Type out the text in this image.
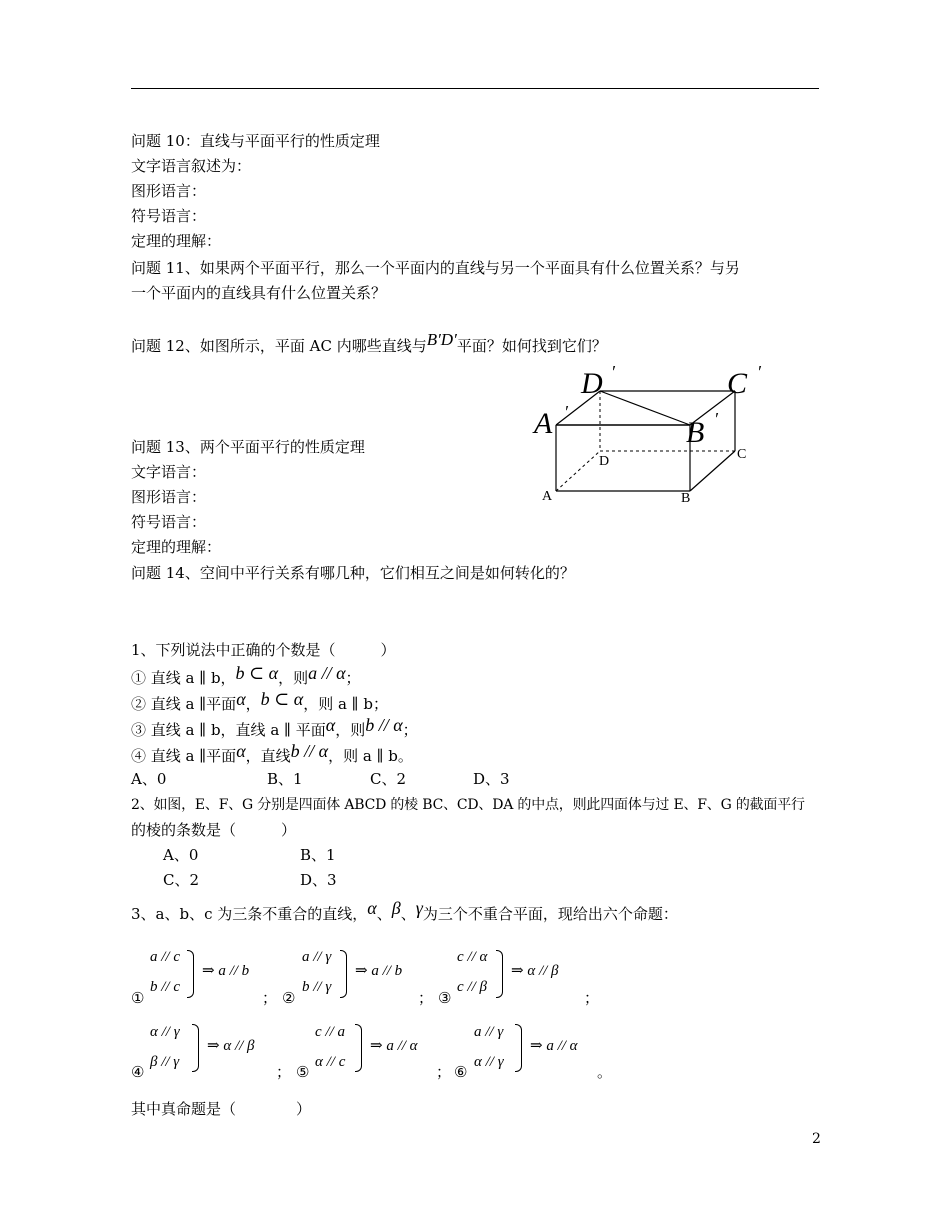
问题 10：直线与平面平行的性质定理
文字语言叙述为：
图形语言：
符号语言：
定理的理解：
问题 11、如果两个平面平行，那么一个平面内的直线与另一个平面具有什么位置关系？与另
一个平面内的直线具有什么位置关系？
问题 12、如图所示，平面 AC 内哪些直线与B′D′平面？如何找到它们？
D ′	C ′
A ′
B ′
D	C
A	B
问题 13、两个平面平行的性质定理
文字语言：
图形语言：
符号语言：
定理的理解：
问题 14、空间中平行关系有哪几种，它们相互之间是如何转化的？
1、下列说法中正确的个数是（　　　）
① 直线 a ∥ b，b ⊂ α，则a // α；
② 直线 a ∥平面α，b ⊂ α，则 a ∥ b；
③ 直线 a ∥ b，直线 a ∥ 平面α，则b // α；
④ 直线 a ∥平面α，直线b // α，则 a ∥ b。
A、0	B、1	C、2	D、3
2、如图，E、F、G 分别是四面体 ABCD 的棱 BC、CD、DA 的中点，则此四面体与过 E、F、G 的截面平行
的棱的条数是（　　　）
A、0	B、1
C、2	D、3
3、a、b、c 为三条不重合的直线，α、β、γ为三个不重合平面，现给出六个命题：
①
a // c
b // c
⇒ a // b
； ②
a // γ
b // γ
⇒ a // b
； ③
c // α
c // β
⇒ α // β
；
④
α // γ
β // γ
⇒ α // β
； ⑤
c // a
α // c
⇒ a // α
； ⑥
a // γ
α // γ
⇒ a // α
。
其中真命题是（　　　　）
2
